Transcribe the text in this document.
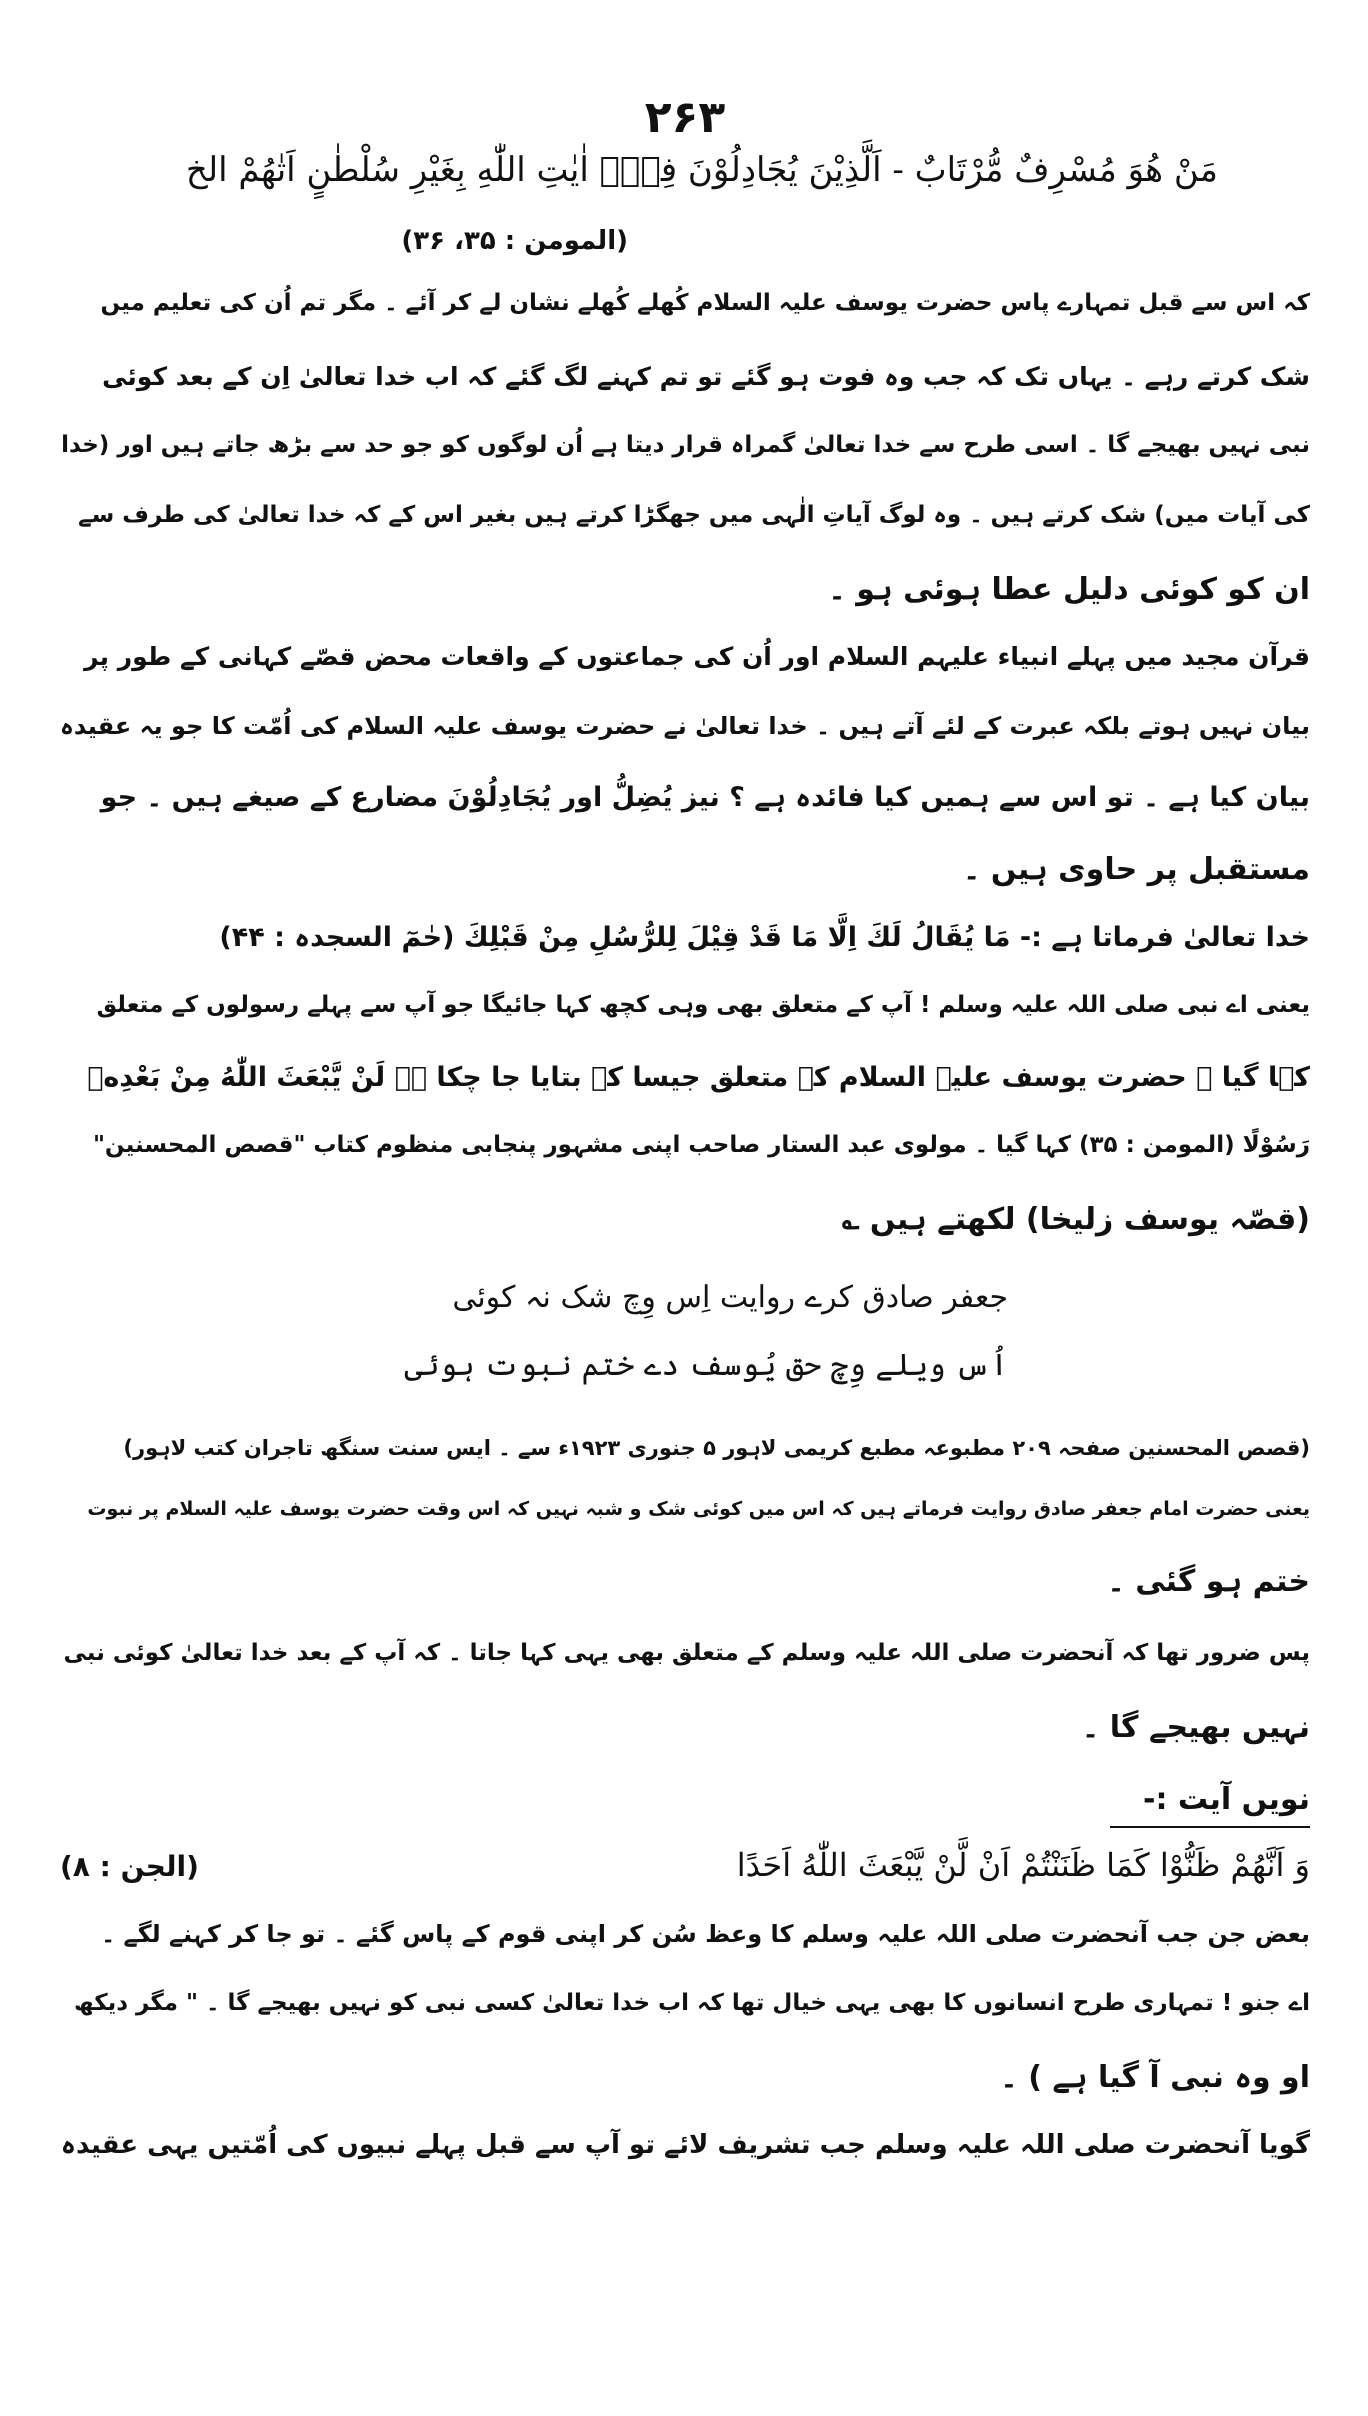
۲۶۳
مَنْ هُوَ مُسْرِفٌ مُّرْتَابٌ - اَلَّذِیْنَ یُجَادِلُوْنَ فِیْۤ اٰیٰتِ اللّٰهِ بِغَیْرِ سُلْطٰنٍ اَتٰهُمْ الخ
(المومن : ۳۵، ۳۶)
کہ اس سے قبل تمہارے پاس حضرت یوسف علیہ السلام کُھلے کُھلے نشان لے کر آئے ۔ مگر تم اُن کی تعلیم میں
شک کرتے رہے ۔ یہاں تک کہ جب وہ فوت ہو گئے تو تم کہنے لگ گئے کہ اب خدا تعالیٰ اِن کے بعد کوئی
نبی نہیں بھیجے گا ۔ اسی طرح سے خدا تعالیٰ گمراہ قرار دیتا ہے اُن لوگوں کو جو حد سے بڑھ جاتے ہیں اور (خدا
کی آیات میں) شک کرتے ہیں ۔ وہ لوگ آیاتِ الٰہی میں جھگڑا کرتے ہیں بغیر اس کے کہ خدا تعالیٰ کی طرف سے
ان کو کوئی دلیل عطا ہوئی ہو ۔
قرآن مجید میں پہلے انبیاء علیہم السلام اور اُن کی جماعتوں کے واقعات محض قصّے کہانی کے طور پر
بیان نہیں ہوتے بلکہ عبرت کے لئے آتے ہیں ۔ خدا تعالیٰ نے حضرت یوسف علیہ السلام کی اُمّت کا جو یہ عقیدہ
بیان کیا ہے ۔ تو اس سے ہمیں کیا فائدہ ہے ؟ نیز یُضِلُّ اور یُجَادِلُوْنَ مضارع کے صیغے ہیں ۔ جو
مستقبل پر حاوی ہیں ۔
خدا تعالیٰ فرماتا ہے :- مَا یُقَالُ لَكَ اِلَّا مَا قَدْ قِیْلَ لِلرُّسُلِ مِنْ قَبْلِكَ (حٰمٓ السجدہ : ۴۴)
یعنی اے نبی صلی اللہ علیہ وسلم ! آپ کے متعلق بھی وہی کچھ کہا جائیگا جو آپ سے پہلے رسولوں کے متعلق
کہا گیا ۔ حضرت یوسف علیہ السلام کے متعلق جیسا کہ بتایا جا چکا ہے لَنْ یَّبْعَثَ اللّٰهُ مِنْ بَعْدِهٖ
رَسُوْلًا (المومن : ۳۵) کہا گیا ۔ مولوی عبد الستار صاحب اپنی مشہور پنجابی منظوم کتاب "قصص المحسنین"
(قصّہ یوسف زلیخا) لکھتے ہیں ؎
جعفر صادق کرے روایت اِس وِچ شک نہ کوئی
اُس ویلے وِچ حق یُوسف دے ختم نبوت ہوئی
(قصص المحسنین صفحہ ۲۰۹ مطبوعہ مطبع کریمی لاہور ۵ جنوری ۱۹۲۳ء سے ۔ ایس سنت سنگھ تاجران کتب لاہور)
یعنی حضرت امام جعفر صادق روایت فرماتے ہیں کہ اس میں کوئی شک و شبہ نہیں کہ اس وقت حضرت یوسف علیہ السلام پر نبوت
ختم ہو گئی ۔
پس ضرور تھا کہ آنحضرت صلی اللہ علیہ وسلم کے متعلق بھی یہی کہا جاتا ۔ کہ آپ کے بعد خدا تعالیٰ کوئی نبی
نہیں بھیجے گا ۔
نویں آیت :-
وَ اَنَّهُمْ ظَنُّوْا كَمَا ظَنَنْتُمْ اَنْ لَّنْ یَّبْعَثَ اللّٰهُ اَحَدًا
(الجن : ۸)
بعض جن جب آنحضرت صلی اللہ علیہ وسلم کا وعظ سُن کر اپنی قوم کے پاس گئے ۔ تو جا کر کہنے لگے ۔
اے جنو ! تمہاری طرح انسانوں کا بھی یہی خیال تھا کہ اب خدا تعالیٰ کسی نبی کو نہیں بھیجے گا ۔ " مگر دیکھ
او وہ نبی آ گیا ہے ) ۔
گویا آنحضرت صلی اللہ علیہ وسلم جب تشریف لائے تو آپ سے قبل پہلے نبیوں کی اُمّتیں یہی عقیدہ
